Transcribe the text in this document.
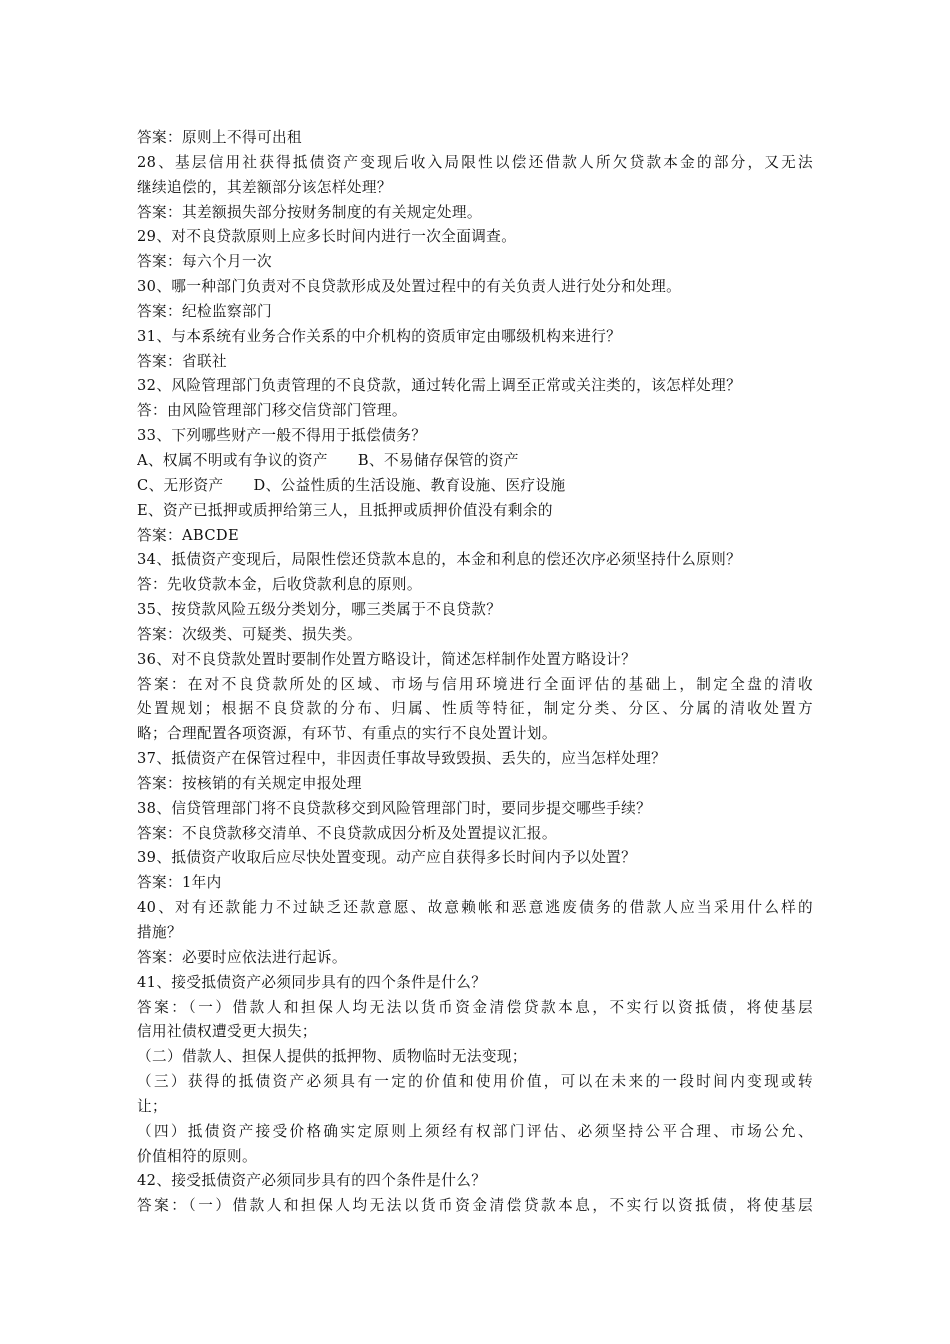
答案：原则上不得可出租
28、基层信用社获得抵债资产变现后收入局限性以偿还借款人所欠贷款本金的部分，又无法
继续追偿的，其差额部分该怎样处理？
答案：其差额损失部分按财务制度的有关规定处理。
29、对不良贷款原则上应多长时间内进行一次全面调查。
答案：每六个月一次
30、哪一种部门负责对不良贷款形成及处置过程中的有关负责人进行处分和处理。
答案：纪检监察部门
31、与本系统有业务合作关系的中介机构的资质审定由哪级机构来进行？
答案：省联社
32、风险管理部门负责管理的不良贷款，通过转化需上调至正常或关注类的，该怎样处理？
答：由风险管理部门移交信贷部门管理。
33、下列哪些财产一般不得用于抵偿债务？
A、权属不明或有争议的资产　　B、不易储存保管的资产
C、无形资产　　D、公益性质的生活设施、教育设施、医疗设施
E、资产已抵押或质押给第三人，且抵押或质押价值没有剩余的
答案：ABCDE
34、抵债资产变现后，局限性偿还贷款本息的，本金和利息的偿还次序必须坚持什么原则？
答：先收贷款本金，后收贷款利息的原则。
35、按贷款风险五级分类划分，哪三类属于不良贷款？
答案：次级类、可疑类、损失类。
36、对不良贷款处置时要制作处置方略设计，简述怎样制作处置方略设计？
答案：在对不良贷款所处的区域、市场与信用环境进行全面评估的基础上，制定全盘的清收
处置规划；根据不良贷款的分布、归属、性质等特征，制定分类、分区、分属的清收处置方
略；合理配置各项资源，有环节、有重点的实行不良处置计划。
37、抵债资产在保管过程中，非因责任事故导致毁损、丢失的，应当怎样处理？
答案：按核销的有关规定申报处理
38、信贷管理部门将不良贷款移交到风险管理部门时，要同步提交哪些手续？
答案：不良贷款移交清单、不良贷款成因分析及处置提议汇报。
39、抵债资产收取后应尽快处置变现。动产应自获得多长时间内予以处置？
答案：1年内
40、对有还款能力不过缺乏还款意愿、故意赖帐和恶意逃废债务的借款人应当采用什么样的
措施？
答案：必要时应依法进行起诉。
41、接受抵债资产必须同步具有的四个条件是什么？
答案：（一）借款人和担保人均无法以货币资金清偿贷款本息，不实行以资抵债，将使基层
信用社债权遭受更大损失；
（二）借款人、担保人提供的抵押物、质物临时无法变现；
（三）获得的抵债资产必须具有一定的价值和使用价值，可以在未来的一段时间内变现或转
让；
（四）抵债资产接受价格确实定原则上须经有权部门评估、必须坚持公平合理、市场公允、
价值相符的原则。
42、接受抵债资产必须同步具有的四个条件是什么？
答案：（一）借款人和担保人均无法以货币资金清偿贷款本息，不实行以资抵债，将使基层
